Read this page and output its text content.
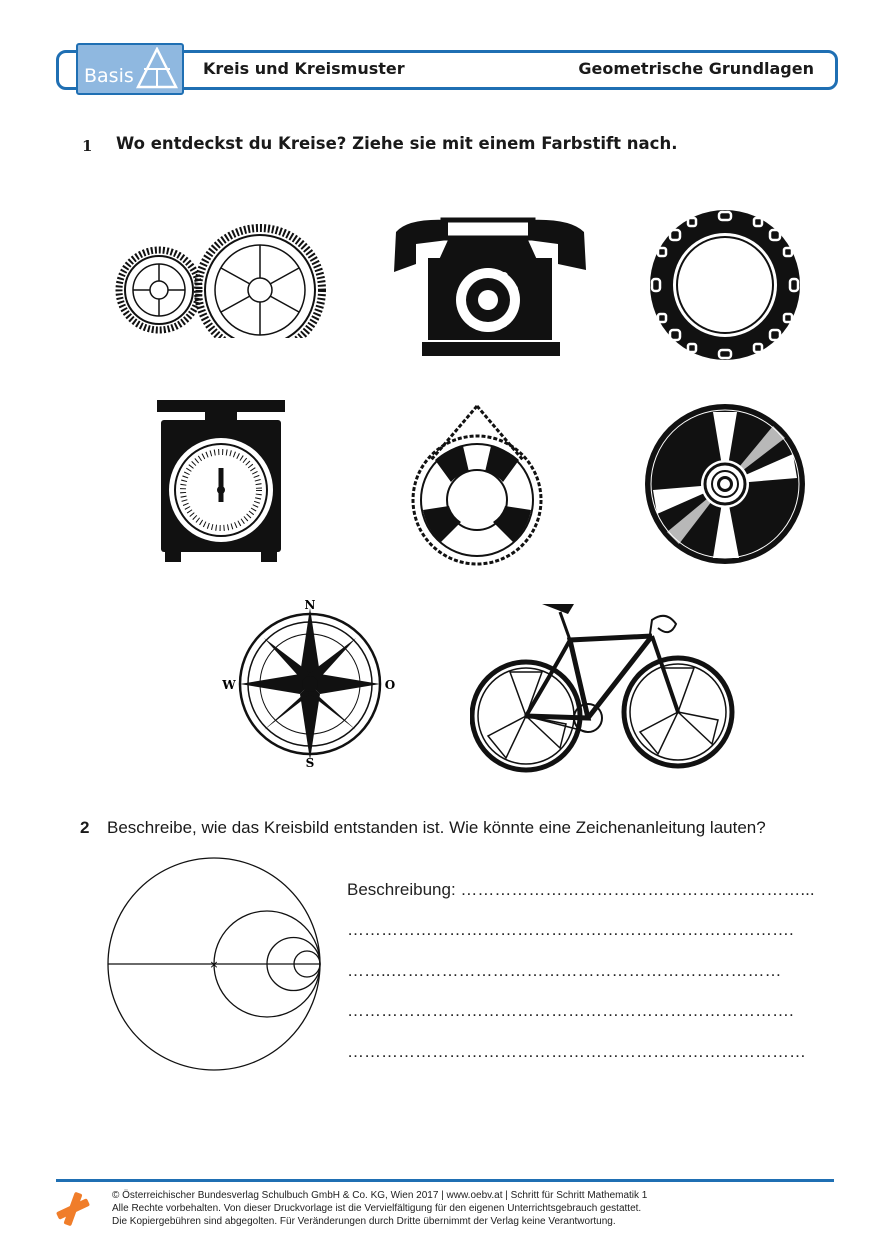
Basis	Kreis und Kreismuster	Geometrische Grundlagen
1 Wo entdeckst du Kreise? Ziehe sie mit einem Farbstift nach.
N
S
W	O
2 Beschreibe, wie das Kreisbild entstanden ist. Wie könnte eine Zeichenanleitung lauten?
×
Beschreibung: ……………………………………………………...
…………………………………………………………………….
……..……………………………………………………………
…………………………………………………………………….
………………………………………………………………………
© Österreichischer Bundesverlag Schulbuch GmbH & Co. KG, Wien 2017 | www.oebv.at | Schritt für Schritt Mathematik 1
Alle Rechte vorbehalten. Von dieser Druckvorlage ist die Vervielfältigung für den eigenen Unterrichtsgebrauch gestattet.
Die Kopiergebühren sind abgegolten. Für Veränderungen durch Dritte übernimmt der Verlag keine Verantwortung.
